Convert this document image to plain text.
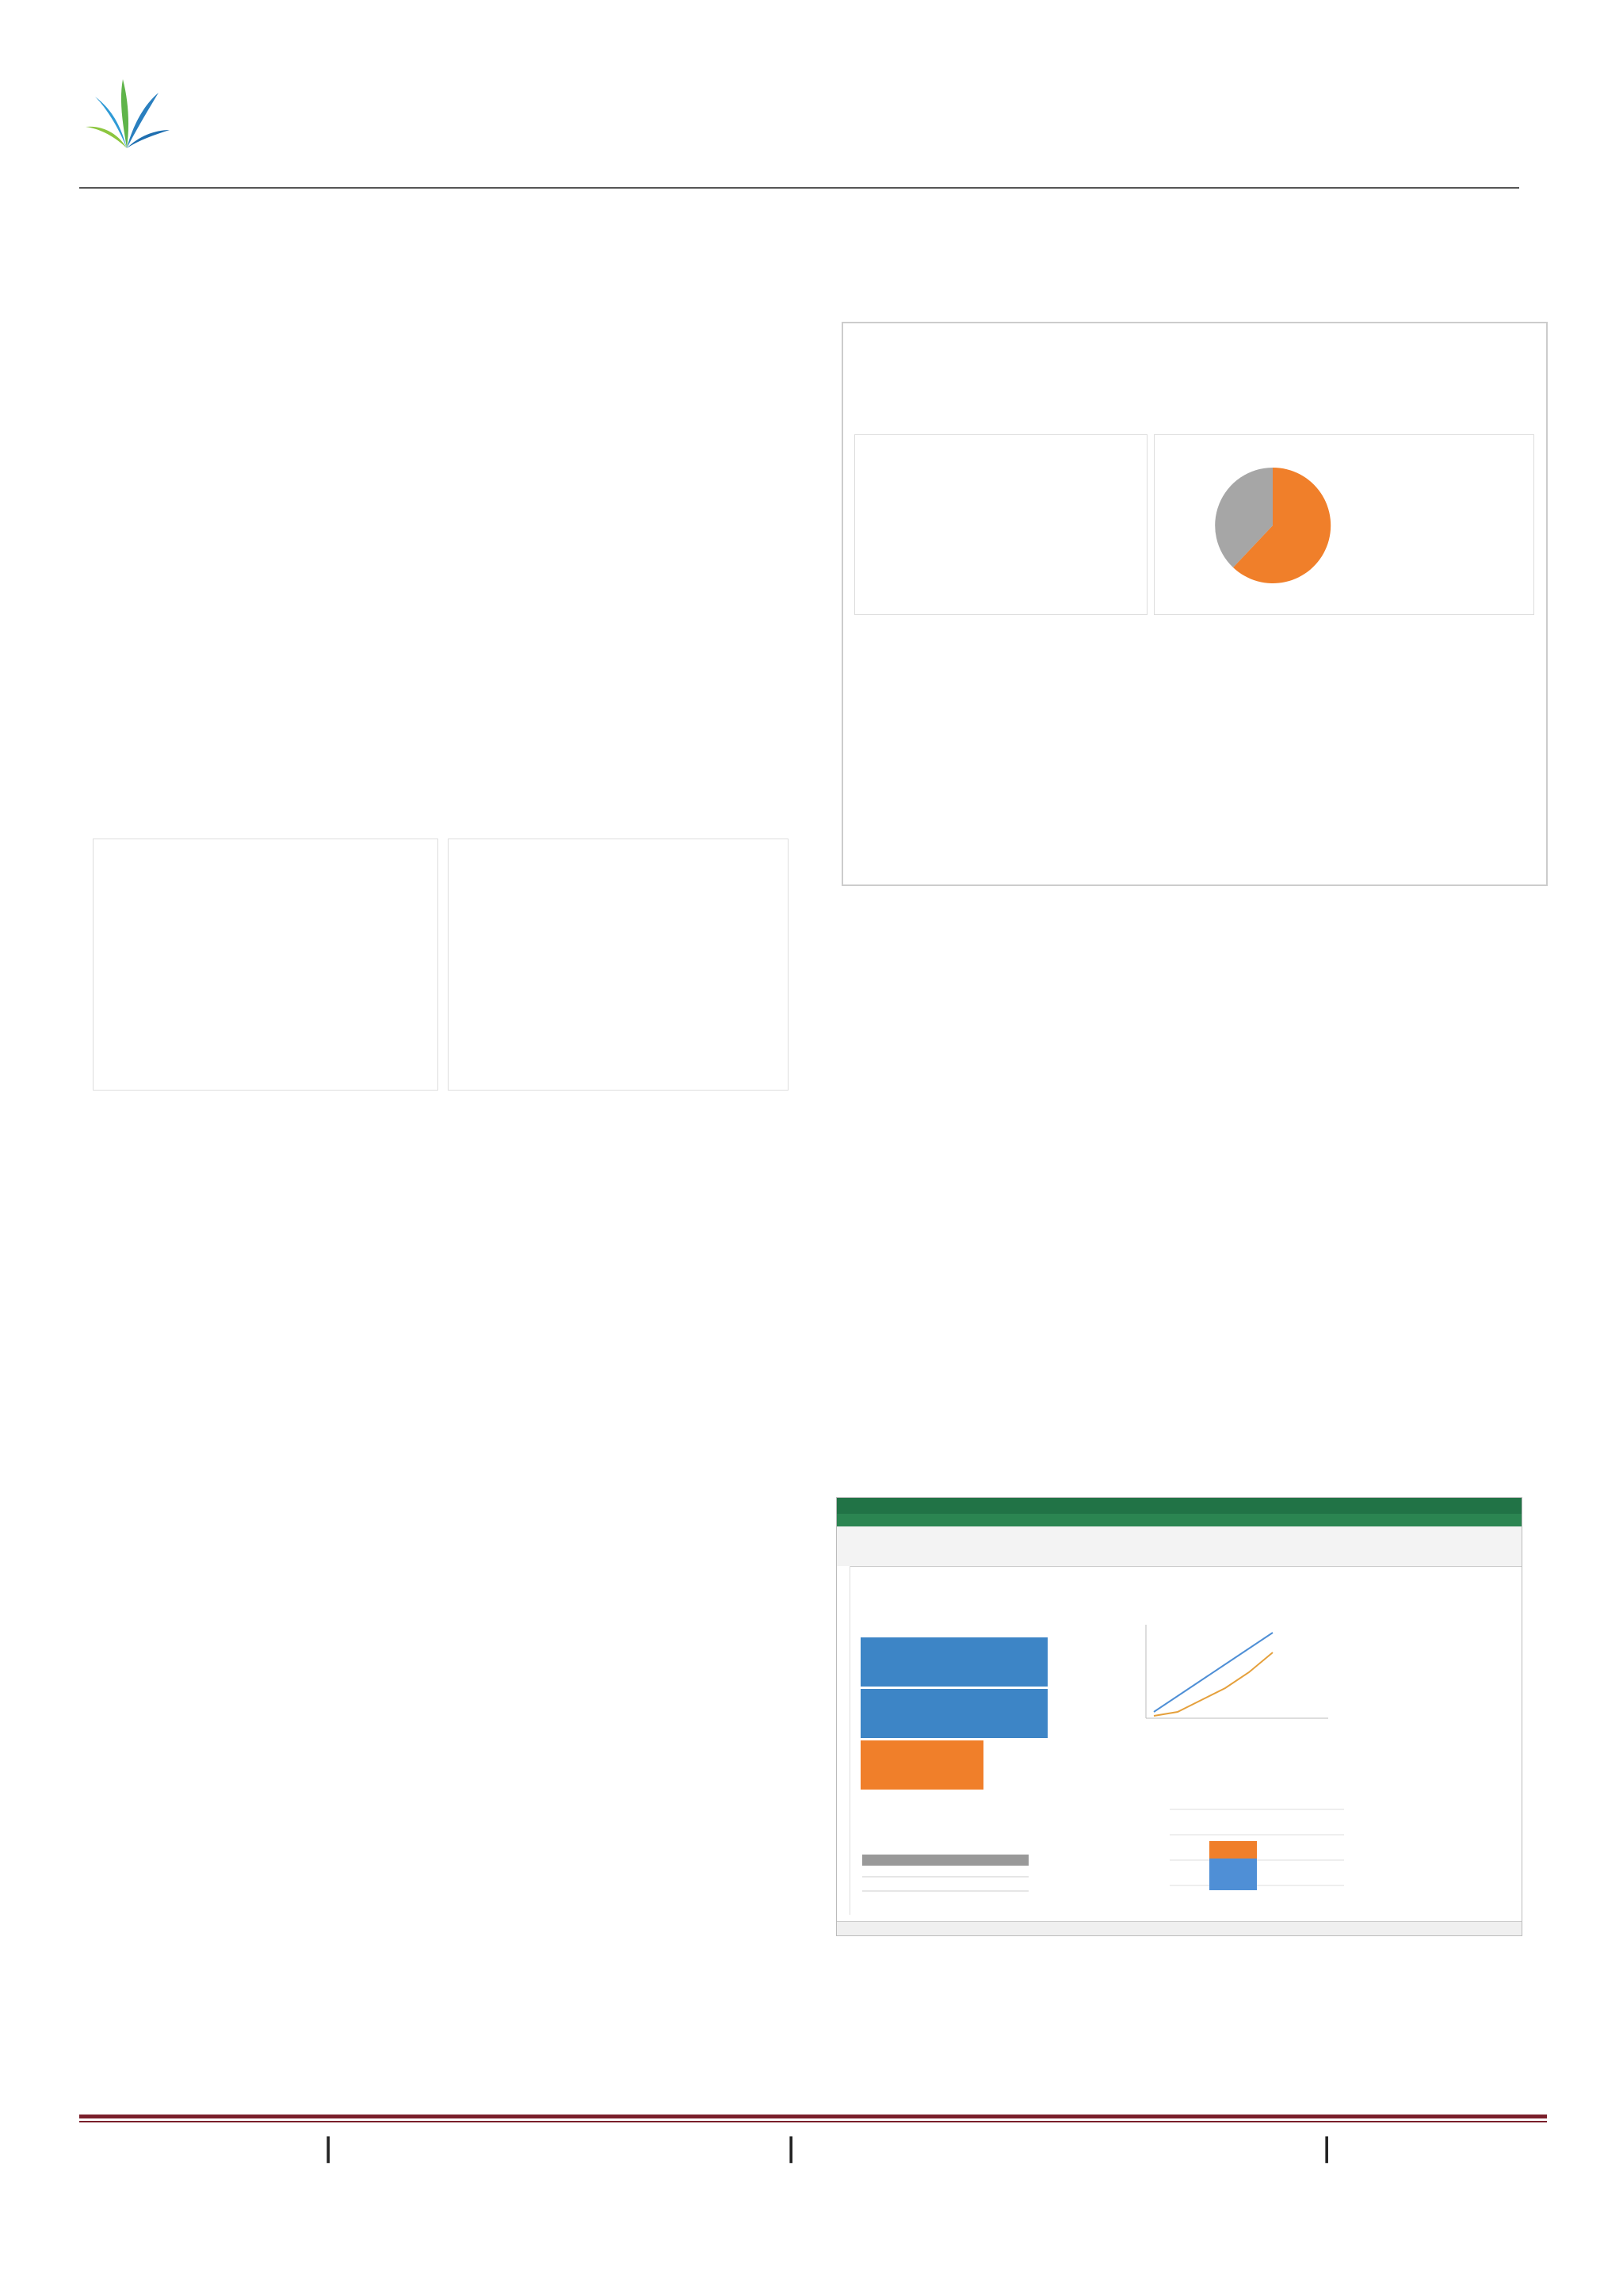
|	|	|
